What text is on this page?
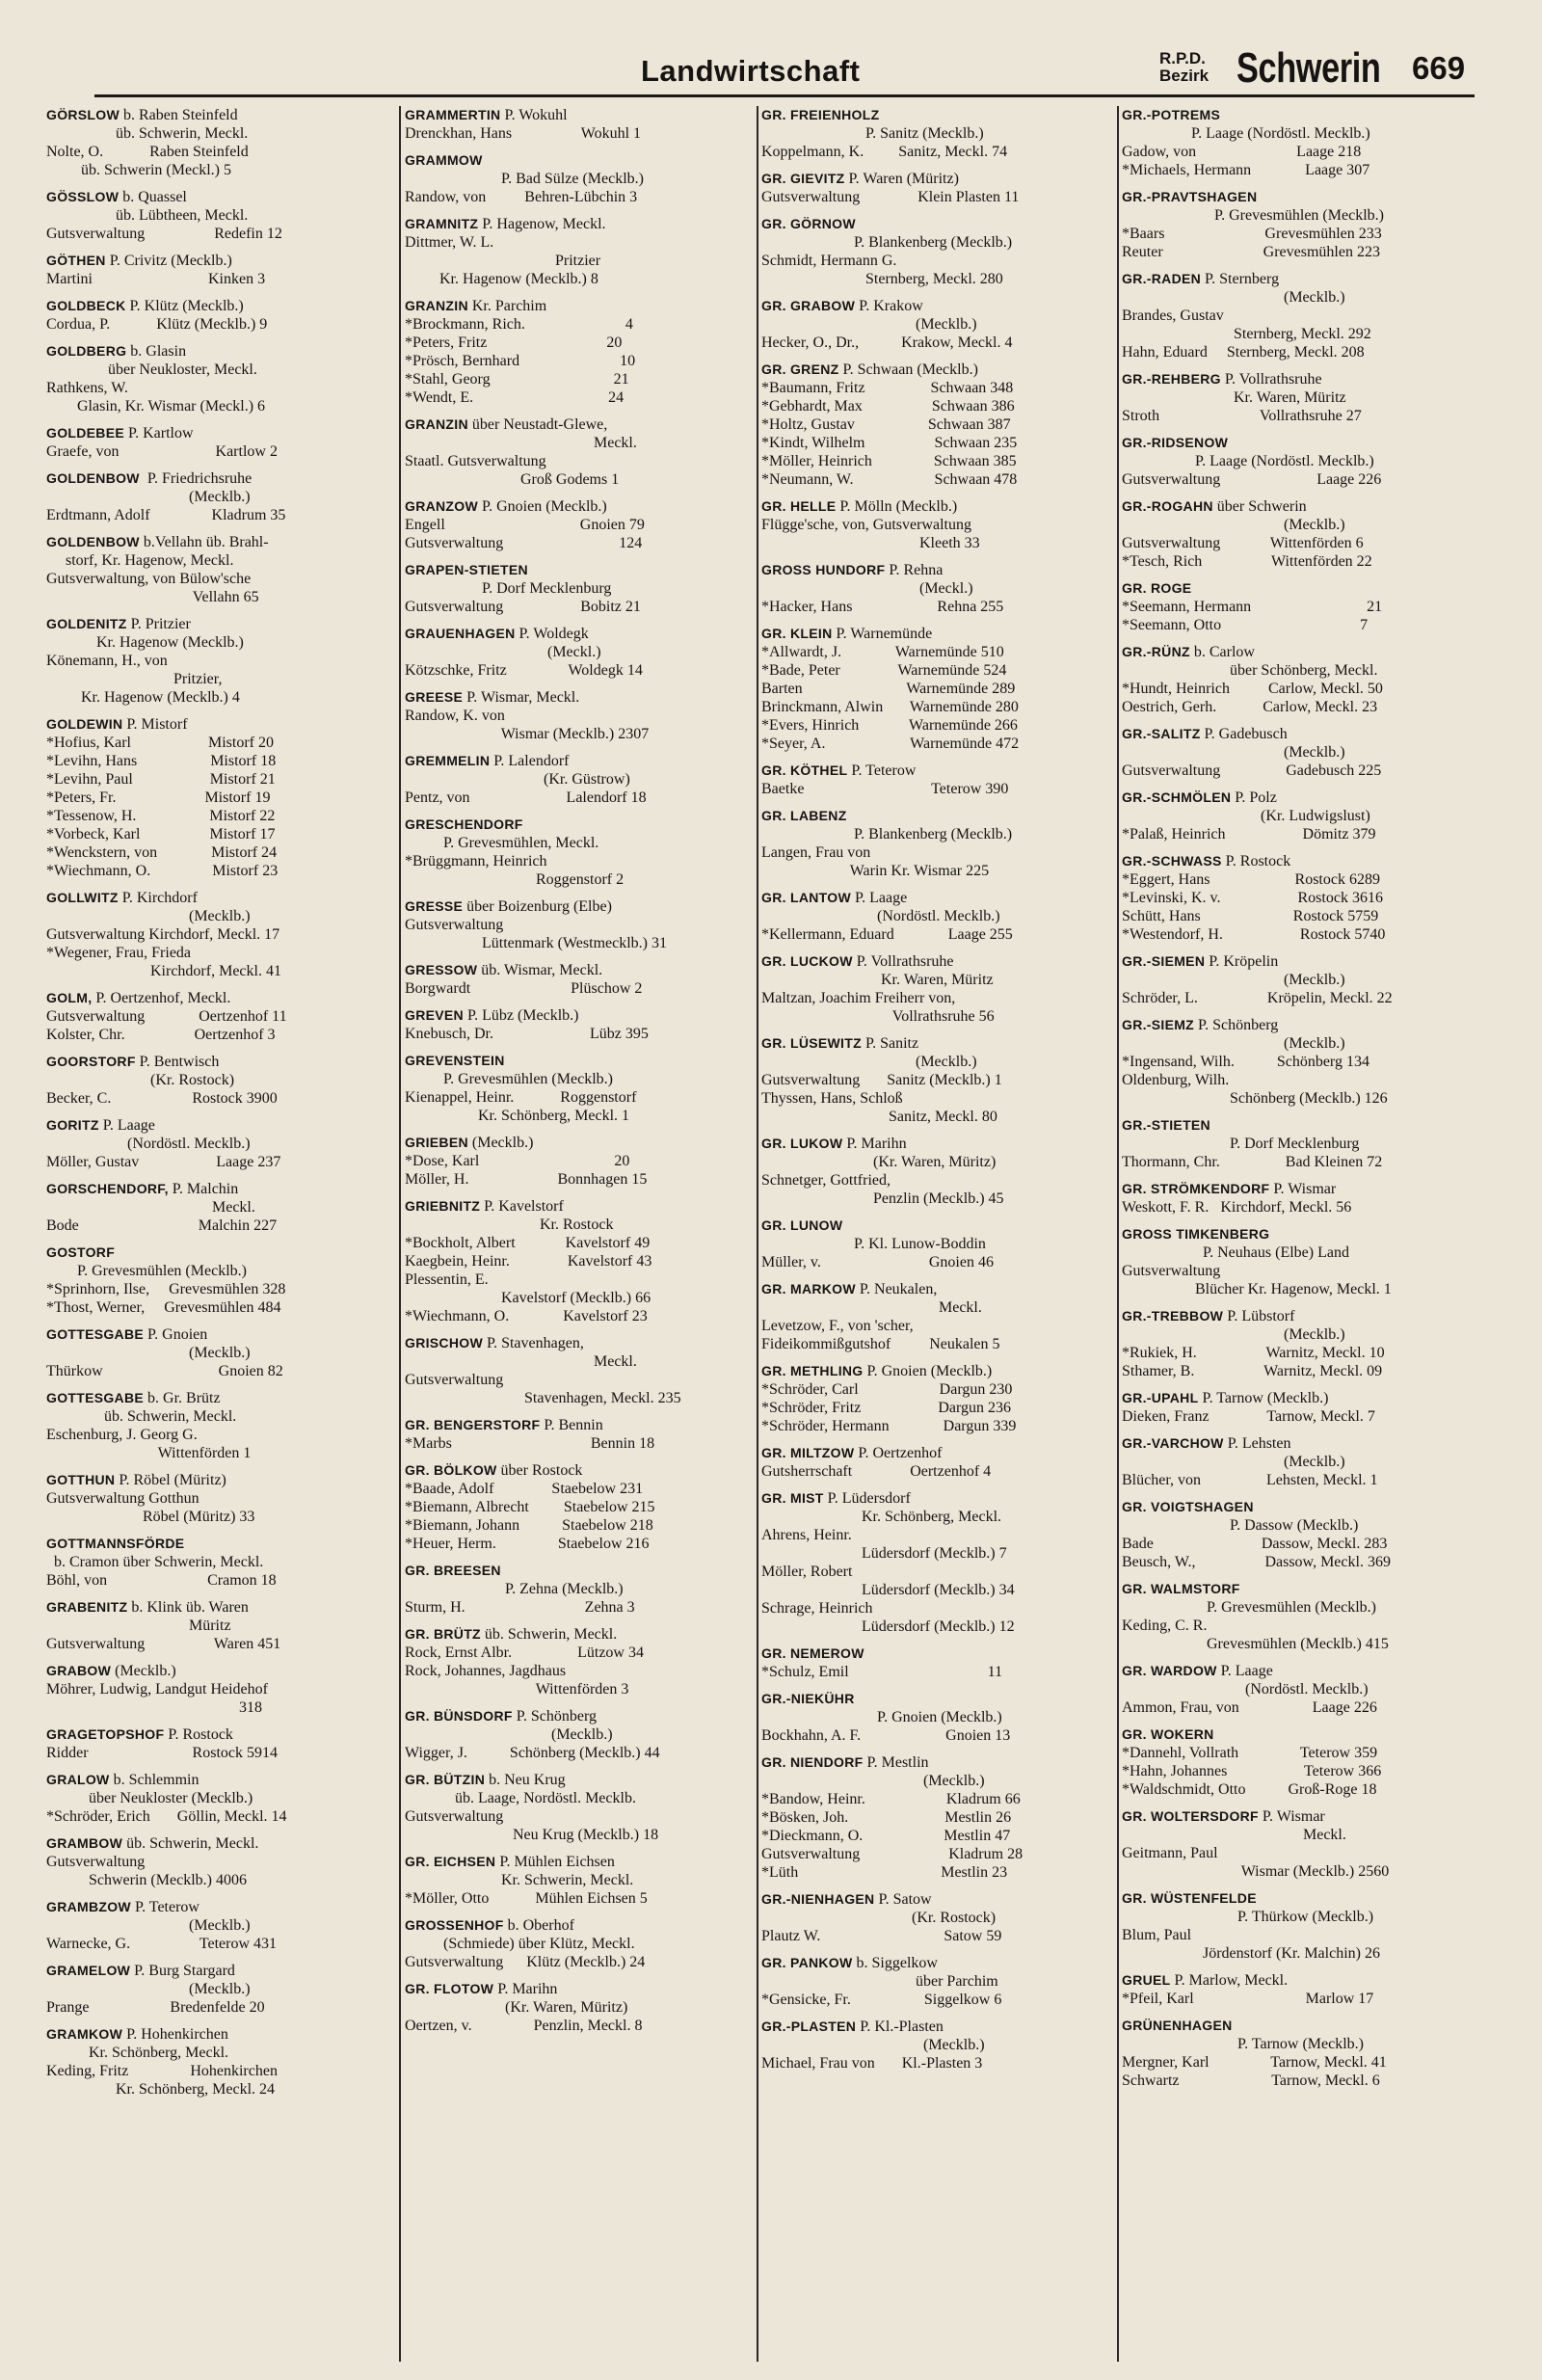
Landwirtschaft	R.P.D.
Bezirk Schwerin 669
GÖRSLOW b. Raben Steinfeld
üb. Schwerin, Meckl.
Nolte, O.            Raben Steinfeld
üb. Schwerin (Meckl.) 5
GÖSSLOW b. Quassel
üb. Lübtheen, Meckl.
Gutsverwaltung                  Redefin 12
GÖTHEN P. Crivitz (Mecklb.)
Martini                              Kinken 3
GOLDBECK P. Klütz (Mecklb.)
Cordua, P.            Klütz (Mecklb.) 9
GOLDBERG b. Glasin
über Neukloster, Meckl.
Rathkens, W.
Glasin, Kr. Wismar (Meckl.) 6
GOLDEBEE P. Kartlow
Graefe, von                         Kartlow 2
GOLDENBOW  P. Friedrichsruhe
(Mecklb.)
Erdtmann, Adolf                Kladrum 35
GOLDENBOW b.Vellahn üb. Brahl-
storf, Kr. Hagenow, Meckl.
Gutsverwaltung, von Bülow'sche
Vellahn 65
GOLDENITZ P. Pritzier
Kr. Hagenow (Mecklb.)
Könemann, H., von
Pritzier,
Kr. Hagenow (Mecklb.) 4
GOLDEWIN P. Mistorf
*Hofius, Karl                    Mistorf 20
*Levihn, Hans                   Mistorf 18
*Levihn, Paul                    Mistorf 21
*Peters, Fr.                       Mistorf 19
*Tessenow, H.                   Mistorf 22
*Vorbeck, Karl                  Mistorf 17
*Wenckstern, von              Mistorf 24
*Wiechmann, O.                Mistorf 23
GOLLWITZ P. Kirchdorf
(Mecklb.)
Gutsverwaltung Kirchdorf, Meckl. 17
*Wegener, Frau, Frieda
Kirchdorf, Meckl. 41
GOLM, P. Oertzenhof, Meckl.
Gutsverwaltung              Oertzenhof 11
Kolster, Chr.                  Oertzenhof 3
GOORSTORF P. Bentwisch
(Kr. Rostock)
Becker, C.                     Rostock 3900
GORITZ P. Laage
(Nordöstl. Mecklb.)
Möller, Gustav                    Laage 237
GORSCHENDORF, P. Malchin
Meckl.
Bode                               Malchin 227
GOSTORF
P. Grevesmühlen (Mecklb.)
*Sprinhorn, Ilse,     Grevesmühlen 328
*Thost, Werner,     Grevesmühlen 484
GOTTESGABE P. Gnoien
(Mecklb.)
Thürkow                              Gnoien 82
GOTTESGABE b. Gr. Brütz
üb. Schwerin, Meckl.
Eschenburg, J. Georg G.
Wittenförden 1
GOTTHUN P. Röbel (Müritz)
Gutsverwaltung Gotthun
Röbel (Müritz) 33
GOTTMANNSFÖRDE
b. Cramon über Schwerin, Meckl.
Böhl, von                          Cramon 18
GRABENITZ b. Klink üb. Waren
Müritz
Gutsverwaltung                  Waren 451
GRABOW (Mecklb.)
Möhrer, Ludwig, Landgut Heidehof
318
GRAGETOPSHOF P. Rostock
Ridder                           Rostock 5914
GRALOW b. Schlemmin
über Neukloster (Mecklb.)
*Schröder, Erich       Göllin, Meckl. 14
GRAMBOW üb. Schwerin, Meckl.
Gutsverwaltung
Schwerin (Mecklb.) 4006
GRAMBZOW P. Teterow
(Mecklb.)
Warnecke, G.                  Teterow 431
GRAMELOW P. Burg Stargard
(Mecklb.)
Prange                     Bredenfelde 20
GRAMKOW P. Hohenkirchen
Kr. Schönberg, Meckl.
Keding, Fritz                Hohenkirchen
Kr. Schönberg, Meckl. 24
GRAMMERTIN P. Wokuhl
Drenckhan, Hans                  Wokuhl 1
GRAMMOW
P. Bad Sülze (Mecklb.)
Randow, von          Behren-Lübchin 3
GRAMNITZ P. Hagenow, Meckl.
Dittmer, W. L.
Pritzier
Kr. Hagenow (Mecklb.) 8
GRANZIN Kr. Parchim
*Brockmann, Rich.                          4
*Peters, Fritz                               20
*Prösch, Bernhard                          10
*Stahl, Georg                                21
*Wendt, E.                                   24
GRANZIN über Neustadt-Glewe,
Meckl.
Staatl. Gutsverwaltung
Groß Godems 1
GRANZOW P. Gnoien (Mecklb.)
Engell                                   Gnoien 79
Gutsverwaltung                              124
GRAPEN-STIETEN
P. Dorf Mecklenburg
Gutsverwaltung                    Bobitz 21
GRAUENHAGEN P. Woldegk
(Meckl.)
Kötzschke, Fritz                Woldegk 14
GREESE P. Wismar, Meckl.
Randow, K. von
Wismar (Mecklb.) 2307
GREMMELIN P. Lalendorf
(Kr. Güstrow)
Pentz, von                         Lalendorf 18
GRESCHENDORF
P. Grevesmühlen, Meckl.
*Brüggmann, Heinrich
Roggenstorf 2
GRESSE über Boizenburg (Elbe)
Gutsverwaltung
Lüttenmark (Westmecklb.) 31
GRESSOW üb. Wismar, Meckl.
Borgwardt                          Plüschow 2
GREVEN P. Lübz (Mecklb.)
Knebusch, Dr.                         Lübz 395
GREVENSTEIN
P. Grevesmühlen (Mecklb.)
Kienappel, Heinr.            Roggenstorf
Kr. Schönberg, Meckl. 1
GRIEBEN (Mecklb.)
*Dose, Karl                                   20
Möller, H.                       Bonnhagen 15
GRIEBNITZ P. Kavelstorf
Kr. Rostock
*Bockholt, Albert             Kavelstorf 49
Kaegbein, Heinr.               Kavelstorf 43
Plessentin, E.
Kavelstorf (Mecklb.) 66
*Wiechmann, O.              Kavelstorf 23
GRISCHOW P. Stavenhagen,
Meckl.
Gutsverwaltung
Stavenhagen, Meckl. 235
GR. BENGERSTORF P. Bennin
*Marbs                                    Bennin 18
GR. BÖLKOW über Rostock
*Baade, Adolf               Staebelow 231
*Biemann, Albrecht         Staebelow 215
*Biemann, Johann           Staebelow 218
*Heuer, Herm.                Staebelow 216
GR. BREESEN
P. Zehna (Mecklb.)
Sturm, H.                               Zehna 3
GR. BRÜTZ üb. Schwerin, Meckl.
Rock, Ernst Albr.                 Lützow 34
Rock, Johannes, Jagdhaus
Wittenförden 3
GR. BÜNSDORF P. Schönberg
(Mecklb.)
Wigger, J.           Schönberg (Mecklb.) 44
GR. BÜTZIN b. Neu Krug
üb. Laage, Nordöstl. Mecklb.
Gutsverwaltung
Neu Krug (Mecklb.) 18
GR. EICHSEN P. Mühlen Eichsen
Kr. Schwerin, Meckl.
*Möller, Otto            Mühlen Eichsen 5
GROSSENHOF b. Oberhof
(Schmiede) über Klütz, Meckl.
Gutsverwaltung      Klütz (Mecklb.) 24
GR. FLOTOW P. Marihn
(Kr. Waren, Müritz)
Oertzen, v.                Penzlin, Meckl. 8
GR. FREIENHOLZ
P. Sanitz (Mecklb.)
Koppelmann, K.         Sanitz, Meckl. 74
GR. GIEVITZ P. Waren (Müritz)
Gutsverwaltung               Klein Plasten 11
GR. GÖRNOW
P. Blankenberg (Mecklb.)
Schmidt, Hermann G.
Sternberg, Meckl. 280
GR. GRABOW P. Krakow
(Mecklb.)
Hecker, O., Dr.,           Krakow, Meckl. 4
GR. GRENZ P. Schwaan (Mecklb.)
*Baumann, Fritz                 Schwaan 348
*Gebhardt, Max                  Schwaan 386
*Holtz, Gustav                   Schwaan 387
*Kindt, Wilhelm                  Schwaan 235
*Möller, Heinrich                Schwaan 385
*Neumann, W.                     Schwaan 478
GR. HELLE P. Mölln (Mecklb.)
Flügge'sche, von, Gutsverwaltung
Kleeth 33
GROSS HUNDORF P. Rehna
(Meckl.)
*Hacker, Hans                      Rehna 255
GR. KLEIN P. Warnemünde
*Allwardt, J.              Warnemünde 510
*Bade, Peter               Warnemünde 524
Barten                           Warnemünde 289
Brinckmann, Alwin       Warnemünde 280
*Evers, Hinrich             Warnemünde 266
*Seyer, A.                      Warnemünde 472
GR. KÖTHEL P. Teterow
Baetke                                 Teterow 390
GR. LABENZ
P. Blankenberg (Mecklb.)
Langen, Frau von
Warin Kr. Wismar 225
GR. LANTOW P. Laage
(Nordöstl. Mecklb.)
*Kellermann, Eduard              Laage 255
GR. LUCKOW P. Vollrathsruhe
Kr. Waren, Müritz
Maltzan, Joachim Freiherr von,
Vollrathsruhe 56
GR. LÜSEWITZ P. Sanitz
(Mecklb.)
Gutsverwaltung       Sanitz (Mecklb.) 1
Thyssen, Hans, Schloß
Sanitz, Meckl. 80
GR. LUKOW P. Marihn
(Kr. Waren, Müritz)
Schnetger, Gottfried,
Penzlin (Mecklb.) 45
GR. LUNOW
P. Kl. Lunow-Boddin
Müller, v.                            Gnoien 46
GR. MARKOW P. Neukalen,
Meckl.
Levetzow, F., von 'scher,
Fideikommißgutshof          Neukalen 5
GR. METHLING P. Gnoien (Mecklb.)
*Schröder, Carl                     Dargun 230
*Schröder, Fritz                    Dargun 236
*Schröder, Hermann              Dargun 339
GR. MILTZOW P. Oertzenhof
Gutsherrschaft               Oertzenhof 4
GR. MIST P. Lüdersdorf
Kr. Schönberg, Meckl.
Ahrens, Heinr.
Lüdersdorf (Mecklb.) 7
Möller, Robert
Lüdersdorf (Mecklb.) 34
Schrage, Heinrich
Lüdersdorf (Mecklb.) 12
GR. NEMEROW
*Schulz, Emil                                    11
GR.-NIEKÜHR
P. Gnoien (Mecklb.)
Bockhahn, A. F.                      Gnoien 13
GR. NIENDORF P. Mestlin
(Mecklb.)
*Bandow, Heinr.                     Kladrum 66
*Bösken, Joh.                         Mestlin 26
*Dieckmann, O.                     Mestlin 47
Gutsverwaltung                       Kladrum 28
*Lüth                                     Mestlin 23
GR.-NIENHAGEN P. Satow
(Kr. Rostock)
Plautz W.                                Satow 59
GR. PANKOW b. Siggelkow
über Parchim
*Gensicke, Fr.                   Siggelkow 6
GR.-PLASTEN P. Kl.-Plasten
(Mecklb.)
Michael, Frau von       Kl.-Plasten 3
GR.-POTREMS
P. Laage (Nordöstl. Mecklb.)
Gadow, von                          Laage 218
*Michaels, Hermann              Laage 307
GR.-PRAVTSHAGEN
P. Grevesmühlen (Mecklb.)
*Baars                          Grevesmühlen 233
Reuter                          Grevesmühlen 223
GR.-RADEN P. Sternberg
(Mecklb.)
Brandes, Gustav
Sternberg, Meckl. 292
Hahn, Eduard     Sternberg, Meckl. 208
GR.-REHBERG P. Vollrathsruhe
Kr. Waren, Müritz
Stroth                          Vollrathsruhe 27
GR.-RIDSENOW
P. Laage (Nordöstl. Mecklb.)
Gutsverwaltung                         Laage 226
GR.-ROGAHN über Schwerin
(Mecklb.)
Gutsverwaltung             Wittenförden 6
*Tesch, Rich                  Wittenförden 22
GR. ROGE
*Seemann, Hermann                              21
*Seemann, Otto                                    7
GR.-RÜNZ b. Carlow
über Schönberg, Meckl.
*Hundt, Heinrich          Carlow, Meckl. 50
Oestrich, Gerh.            Carlow, Meckl. 23
GR.-SALITZ P. Gadebusch
(Mecklb.)
Gutsverwaltung                 Gadebusch 225
GR.-SCHMÖLEN P. Polz
(Kr. Ludwigslust)
*Palaß, Heinrich                    Dömitz 379
GR.-SCHWASS P. Rostock
*Eggert, Hans                      Rostock 6289
*Levinski, K. v.                    Rostock 3616
Schütt, Hans                        Rostock 5759
*Westendorf, H.                    Rostock 5740
GR.-SIEMEN P. Kröpelin
(Mecklb.)
Schröder, L.                  Kröpelin, Meckl. 22
GR.-SIEMZ P. Schönberg
(Mecklb.)
*Ingensand, Wilh.           Schönberg 134
Oldenburg, Wilh.
Schönberg (Mecklb.) 126
GR.-STIETEN
P. Dorf Mecklenburg
Thormann, Chr.                 Bad Kleinen 72
GR. STRÖMKENDORF P. Wismar
Weskott, F. R.   Kirchdorf, Meckl. 56
GROSS TIMKENBERG
P. Neuhaus (Elbe) Land
Gutsverwaltung
Blücher Kr. Hagenow, Meckl. 1
GR.-TREBBOW P. Lübstorf
(Mecklb.)
*Rukiek, H.                  Warnitz, Meckl. 10
Sthamer, B.                  Warnitz, Meckl. 09
GR.-UPAHL P. Tarnow (Mecklb.)
Dieken, Franz               Tarnow, Meckl. 7
GR.-VARCHOW P. Lehsten
(Mecklb.)
Blücher, von                 Lehsten, Meckl. 1
GR. VOIGTSHAGEN
P. Dassow (Mecklb.)
Bade                            Dassow, Meckl. 283
Beusch, W.,                  Dassow, Meckl. 369
GR. WALMSTORF
P. Grevesmühlen (Mecklb.)
Keding, C. R.
Grevesmühlen (Mecklb.) 415
GR. WARDOW P. Laage
(Nordöstl. Mecklb.)
Ammon, Frau, von                   Laage 226
GR. WOKERN
*Dannehl, Vollrath                Teterow 359
*Hahn, Johannes                    Teterow 366
*Waldschmidt, Otto           Groß-Roge 18
GR. WOLTERSDORF P. Wismar
Meckl.
Geitmann, Paul
Wismar (Mecklb.) 2560
GR. WÜSTENFELDE
P. Thürkow (Mecklb.)
Blum, Paul
Jördenstorf (Kr. Malchin) 26
GRUEL P. Marlow, Meckl.
*Pfeil, Karl                             Marlow 17
GRÜNENHAGEN
P. Tarnow (Mecklb.)
Mergner, Karl                Tarnow, Meckl. 41
Schwartz                        Tarnow, Meckl. 6
